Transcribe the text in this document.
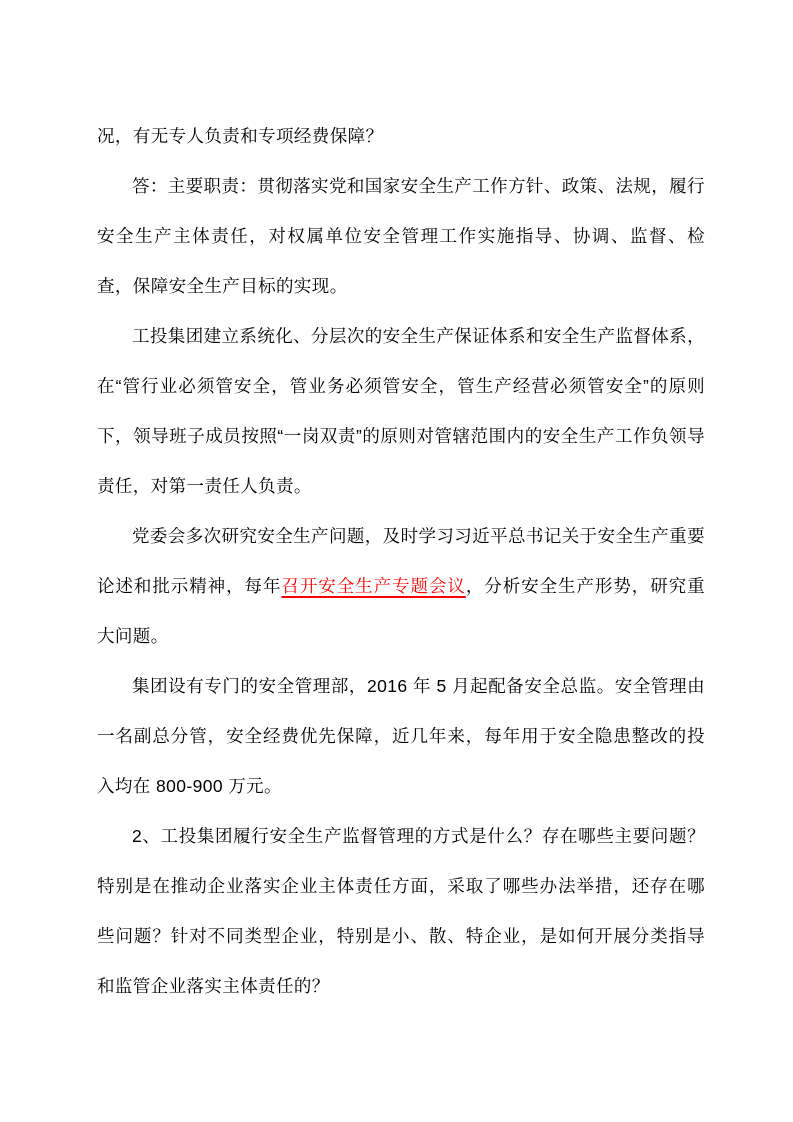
况，有无专人负责和专项经费保障？

答：主要职责：贯彻落实党和国家安全生产工作方针、政策、法规，履行安全生产主体责任，对权属单位安全管理工作实施指导、协调、监督、检查，保障安全生产目标的实现。

工投集团建立系统化、分层次的安全生产保证体系和安全生产监督体系，在“管行业必须管安全，管业务必须管安全，管生产经营必须管安全”的原则下，领导班子成员按照“一岗双责”的原则对管辖范围内的安全生产工作负领导责任，对第一责任人负责。

党委会多次研究安全生产问题，及时学习习近平总书记关于安全生产重要论述和批示精神，每年召开安全生产专题会议，分析安全生产形势，研究重大问题。

集团设有专门的安全管理部，2016 年 5 月起配备安全总监。安全管理由一名副总分管，安全经费优先保障，近几年来，每年用于安全隐患整改的投入均在 800-900 万元。

2、工投集团履行安全生产监督管理的方式是什么？存在哪些主要问题？特别是在推动企业落实企业主体责任方面，采取了哪些办法举措，还存在哪些问题？针对不同类型企业，特别是小、散、特企业，是如何开展分类指导和监管企业落实主体责任的？
